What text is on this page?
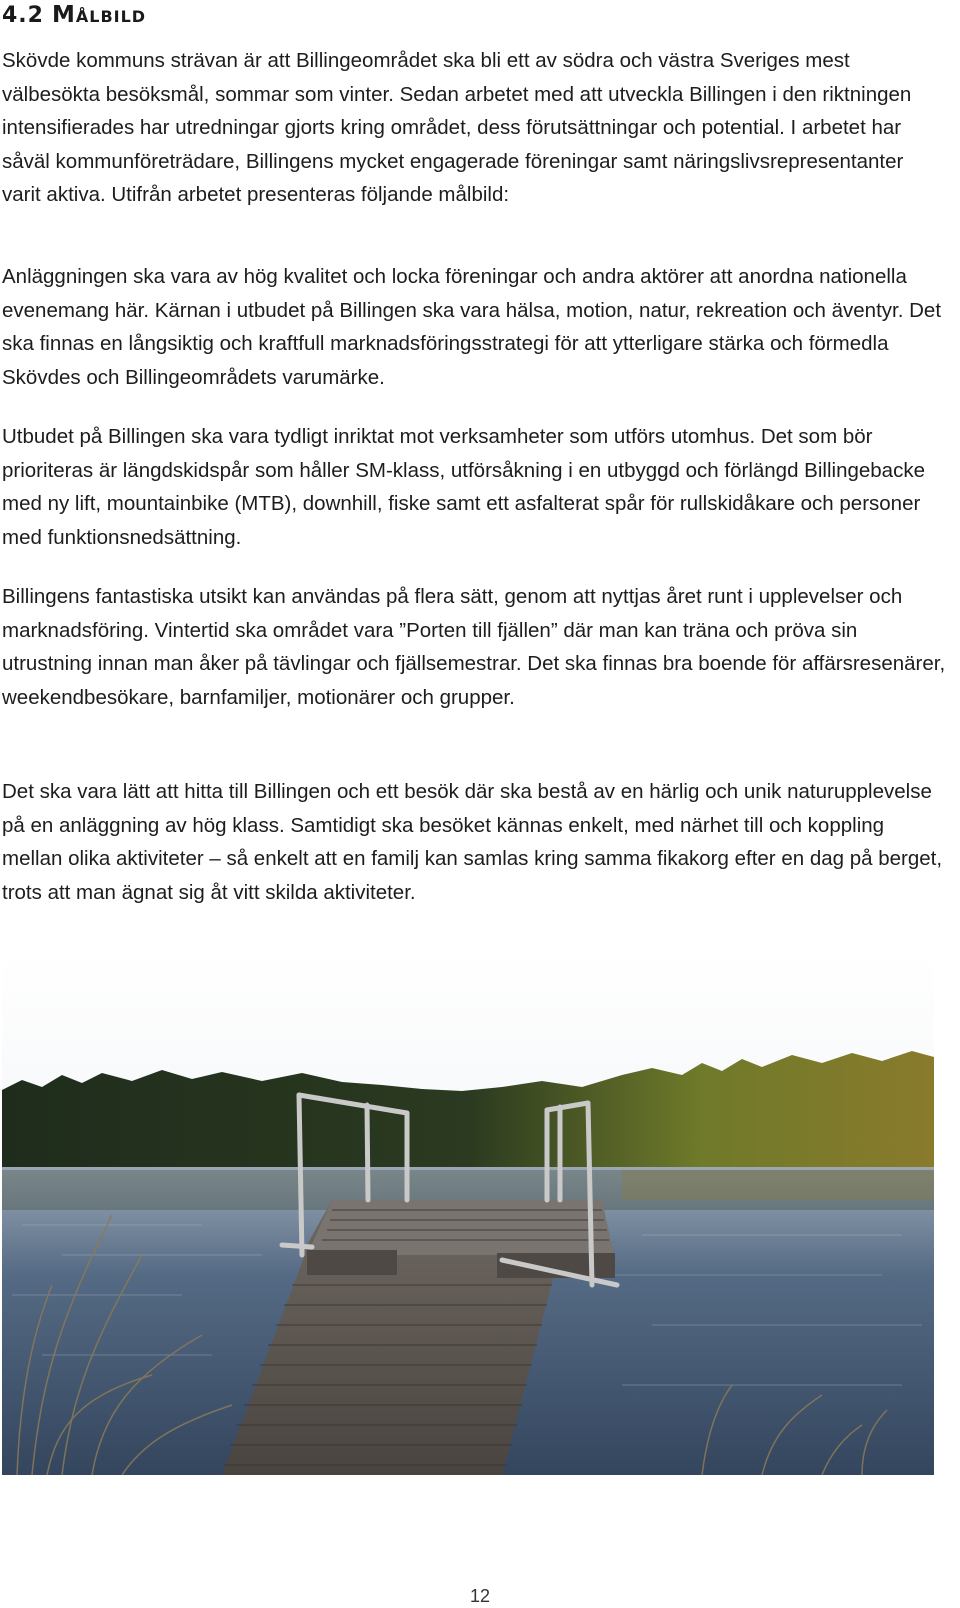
4.2 Målbild

Skövde kommuns strävan är att Billingeområdet ska bli ett av södra och västra Sveriges mest välbesökta besöksmål, sommar som vinter. Sedan arbetet med att utveckla Billingen i den riktningen intensifierades har utredningar gjorts kring området, dess förutsättningar och potential. I arbetet har såväl kommunföreträdare, Billingens mycket engagerade föreningar samt näringslivsrepresentanter varit aktiva. Utifrån arbetet presenteras följande målbild:

Anläggningen ska vara av hög kvalitet och locka föreningar och andra aktörer att anordna nationella evenemang här. Kärnan i utbudet på Billingen ska vara hälsa, motion, natur, rekreation och äventyr. Det ska finnas en långsiktig och kraftfull marknadsföringsstrategi för att ytterligare stärka och förmedla Skövdes och Billingeområdets varumärke.

Utbudet på Billingen ska vara tydligt inriktat mot verksamheter som utförs utomhus. Det som bör prioriteras är längdskidspår som håller SM-klass, utförsåkning i en utbyggd och förlängd Billingebacke med ny lift, mountainbike (MTB), downhill, fiske samt ett asfalterat spår för rullskidåkare och personer med funktionsnedsättning.

Billingens fantastiska utsikt kan användas på flera sätt, genom att nyttjas året runt i upplevelser och marknadsföring. Vintertid ska området vara ”Porten till fjällen” där man kan träna och pröva sin utrustning innan man åker på tävlingar och fjällsemestrar. Det ska finnas bra boende för affärsresenärer, weekendbesökare, barnfamiljer, motionärer och grupper.

Det ska vara lätt att hitta till Billingen och ett besök där ska bestå av en härlig och unik naturupplevelse på en anläggning av hög klass. Samtidigt ska besöket kännas enkelt, med närhet till och koppling mellan olika aktiviteter – så enkelt att en familj kan samlas kring samma fikakorg efter en dag på berget, trots att man ägnat sig åt vitt skilda aktiviteter.

12
